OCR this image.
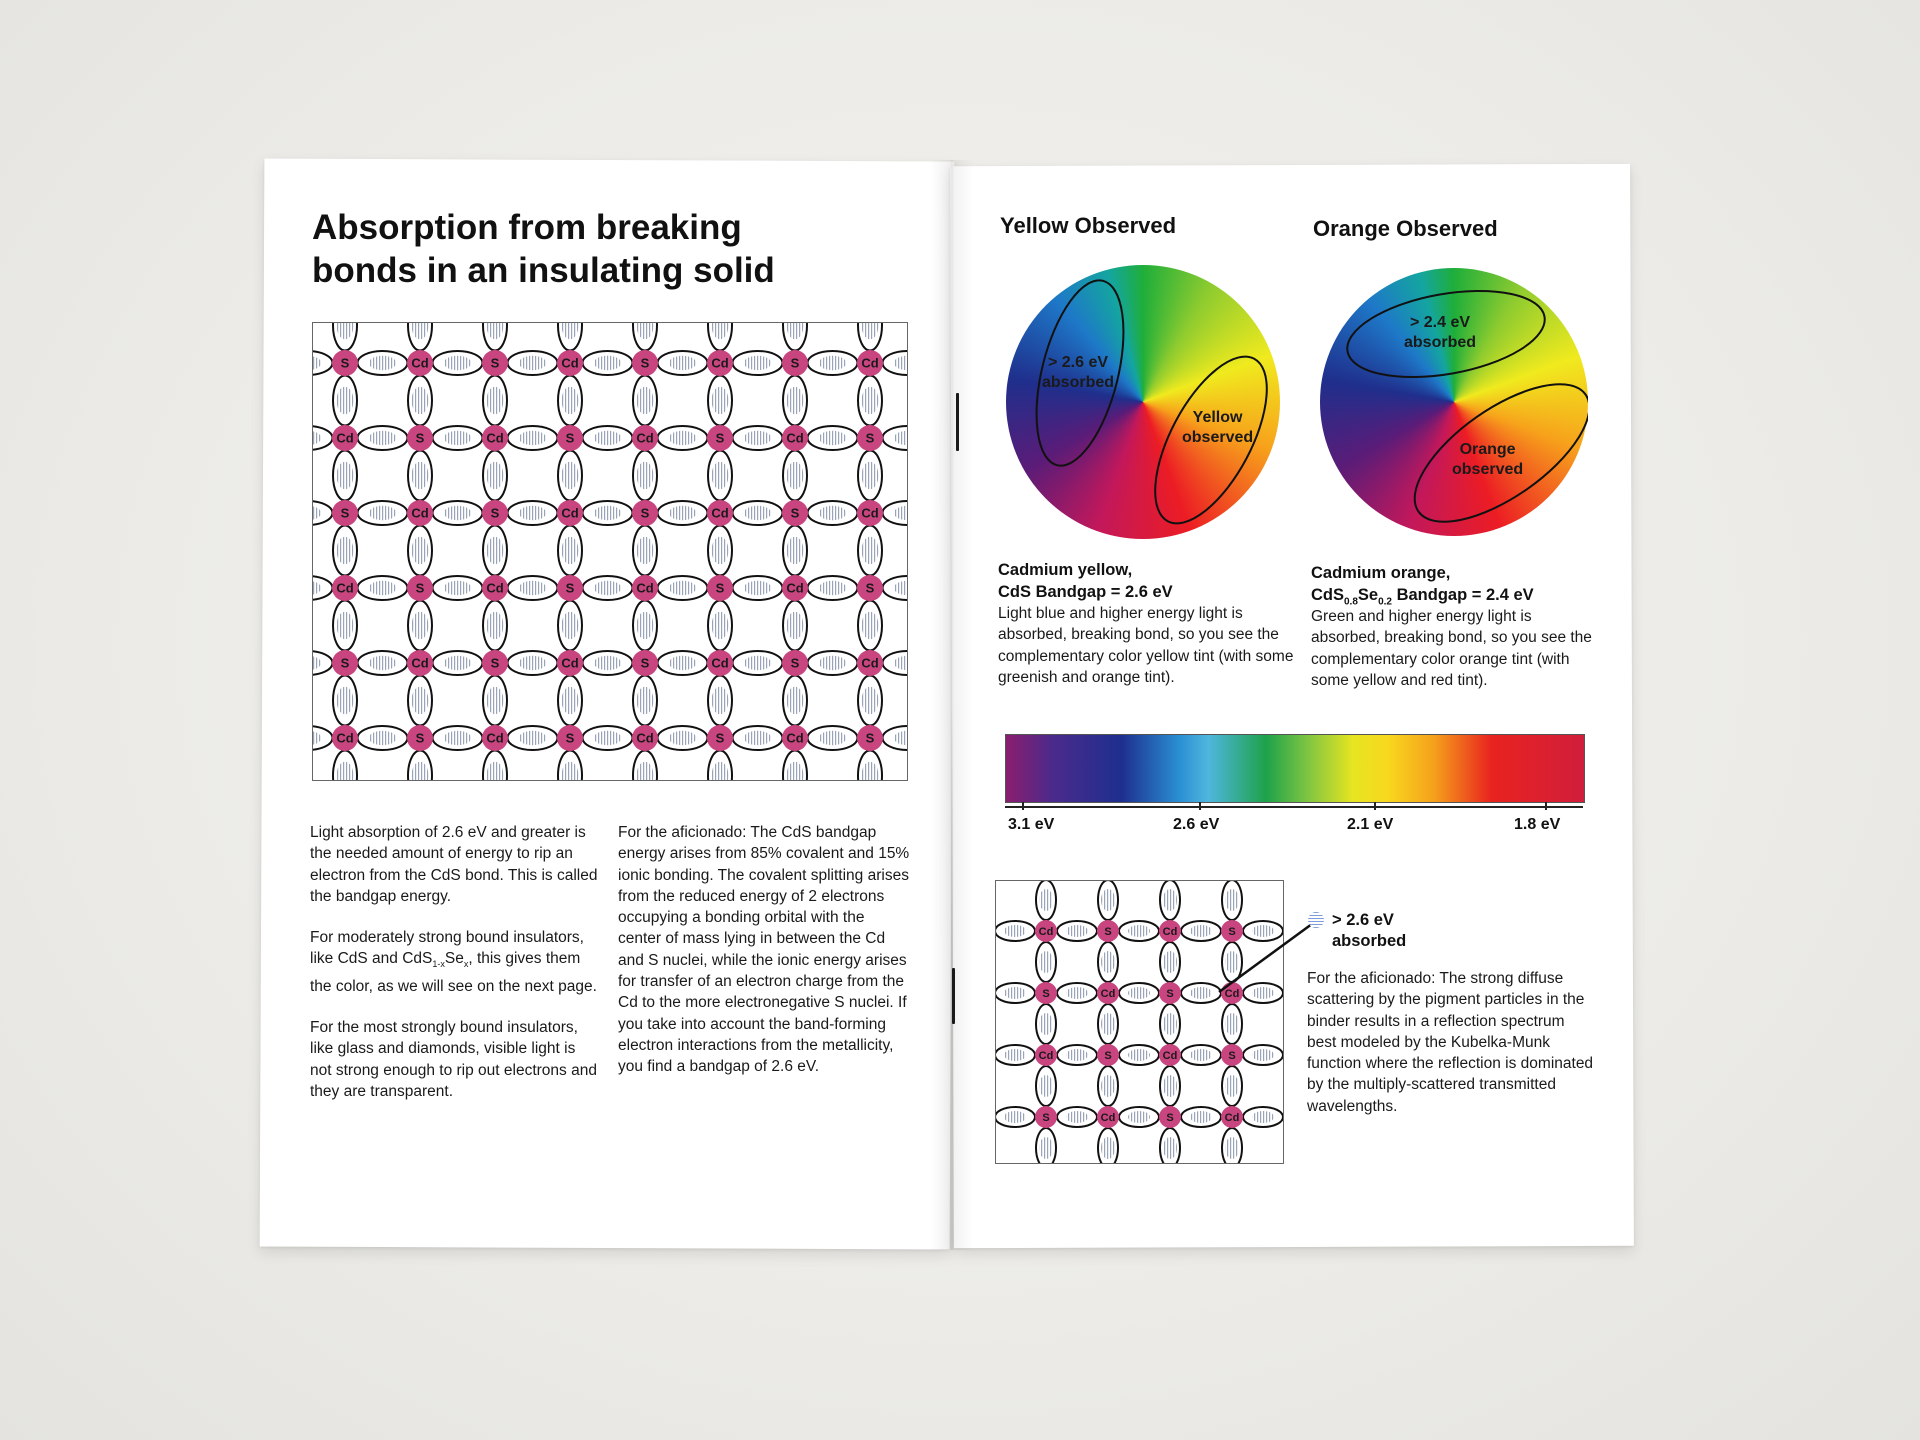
Absorption from breaking
bonds in an insulating solid
S	Cd	S	Cd	S	Cd	S	Cd
Cd	S	Cd	S	Cd	S	Cd	S
S	Cd	S	Cd	S	Cd	S	Cd
Cd	S	Cd	S	Cd	S	Cd	S
S	Cd	S	Cd	S	Cd	S	Cd
Cd	S	Cd	S	Cd	S	Cd	S

Light absorption of 2.6 eV and greater is the needed amount of energy to rip an electron from the CdS bond. This is called the bandgap energy.

For moderately strong bound insulators, like CdS and $CdS_{1-x}Se_x$, this gives them the color, as we will see on the next page.

For the most strongly bound insulators, like glass and diamonds, visible light is not strong enough to rip out electrons and they are transparent.

For the aficionado: The CdS bandgap energy arises from 85% covalent and 15% ionic bonding. The covalent splitting arises from the reduced energy of 2 electrons occupying a bonding orbital with the center of mass lying in between the Cd and S nuclei, while the ionic energy arises for transfer of an electron charge from the Cd to the more electronegative S nuclei. If you take into account the band-forming electron interactions from the metallicity, you find a bandgap of 2.6 eV.

Yellow Observed	Orange Observed
> 2.6 eV
absorbed
Yellow
observed
> 2.4 eV
absorbed
Orange
observed
Cadmium yellow,
CdS Bandgap = 2.6 eV

Light blue and higher energy light is absorbed, breaking bond, so you see the complementary color yellow tint (with some greenish and orange tint).

Cadmium orange,
$CdS_{0.8}Se_{0.2}$ Bandgap = 2.4 eV

Green and higher energy light is absorbed, breaking bond, so you see the complementary color orange tint (with some yellow and red tint).

3.1 eV	2.6 eV	2.1 eV	1.8 eV
Cd	S	Cd	S
S	Cd	S	Cd
Cd	S	Cd	S
S	Cd	S	Cd
> 2.6 eV
absorbed

For the aficionado: The strong diffuse scattering by the pigment particles in the binder results in a reflection spectrum best modeled by the Kubelka-Munk function where the reflection is dominated by the multiply-scattered transmitted wavelengths.
